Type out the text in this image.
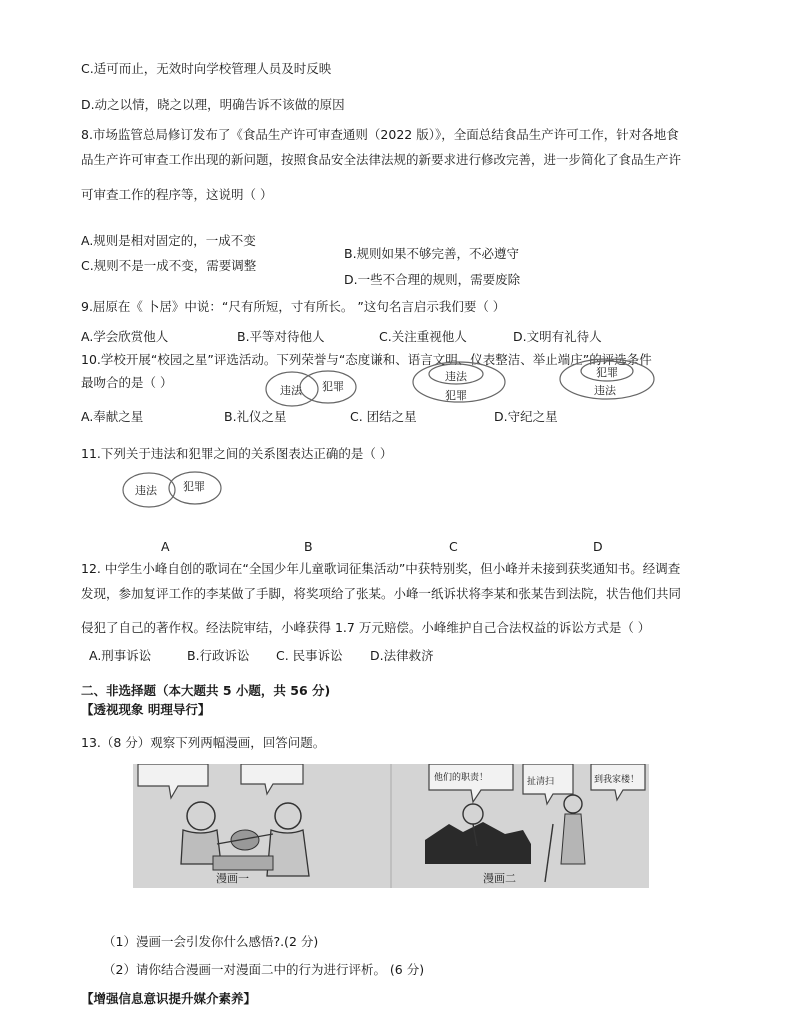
C.适可而止，无效时向学校管理人员及时反映
D.动之以情，晓之以理，明确告诉不该做的原因
8.市场监管总局修订发布了《食品生产许可审查通则（2022 版）》，全面总结食品生产许可工作，针对各地食
品生产许可审查工作出现的新问题，按照食品安全法律法规的新要求进行修改完善，进一步简化了食品生产许
可审查工作的程序等，这说明（ ）
A.规则是相对固定的，一成不变
B.规则如果不够完善，不必遵守
C.规则不是一成不变，需要调整
D.一些不合理的规则，需要废除
9.屈原在《 卜居》中说：“尺有所短，寸有所长。 ”这句名言启示我们要（ ）
A.学会欣赏他人	B.平等对待他人	C.关注重视他人	D.文明有礼待人
10.学校开展“校园之星”评选活动。下列荣誉与“态度谦和、语言文明、仪表整洁、举止端庄”的评选条件
最吻合的是（ ）
违法 犯罪
违法
犯罪
犯罪
违法
A.奉献之星	B.礼仪之星	C. 团结之星	D.守纪之星
11.下列关于违法和犯罪之间的关系图表达正确的是（ ）
违法 犯罪
A	B	C	D
12. 中学生小峰自创的歌词在“全国少年儿童歌词征集活动”中获特别奖，但小峰并未接到获奖通知书。经调查
发现，参加复评工作的李某做了手脚，将奖项给了张某。小峰一纸诉状将李某和张某告到法院，状告他们共同
侵犯了自己的著作权。经法院审结，小峰获得 1.7 万元赔偿。小峰维护自己合法权益的诉讼方式是（ ）
A.刑事诉讼	B.行政诉讼 C. 民事诉讼 D.法律救济
二、非选择题（本大题共 5 小题，共 56 分)
【透视现象 明理导行】
13.（8 分）观察下列两幅漫画，回答问题。
他们的职责！	扯清扫	到我家楼！
漫画一	漫画二
（1）漫画一会引发你什么感悟?.(2 分)
（2）请你结合漫画一对漫面二中的行为进行评析。 (6 分)
【增强信息意识提升媒介素养】
